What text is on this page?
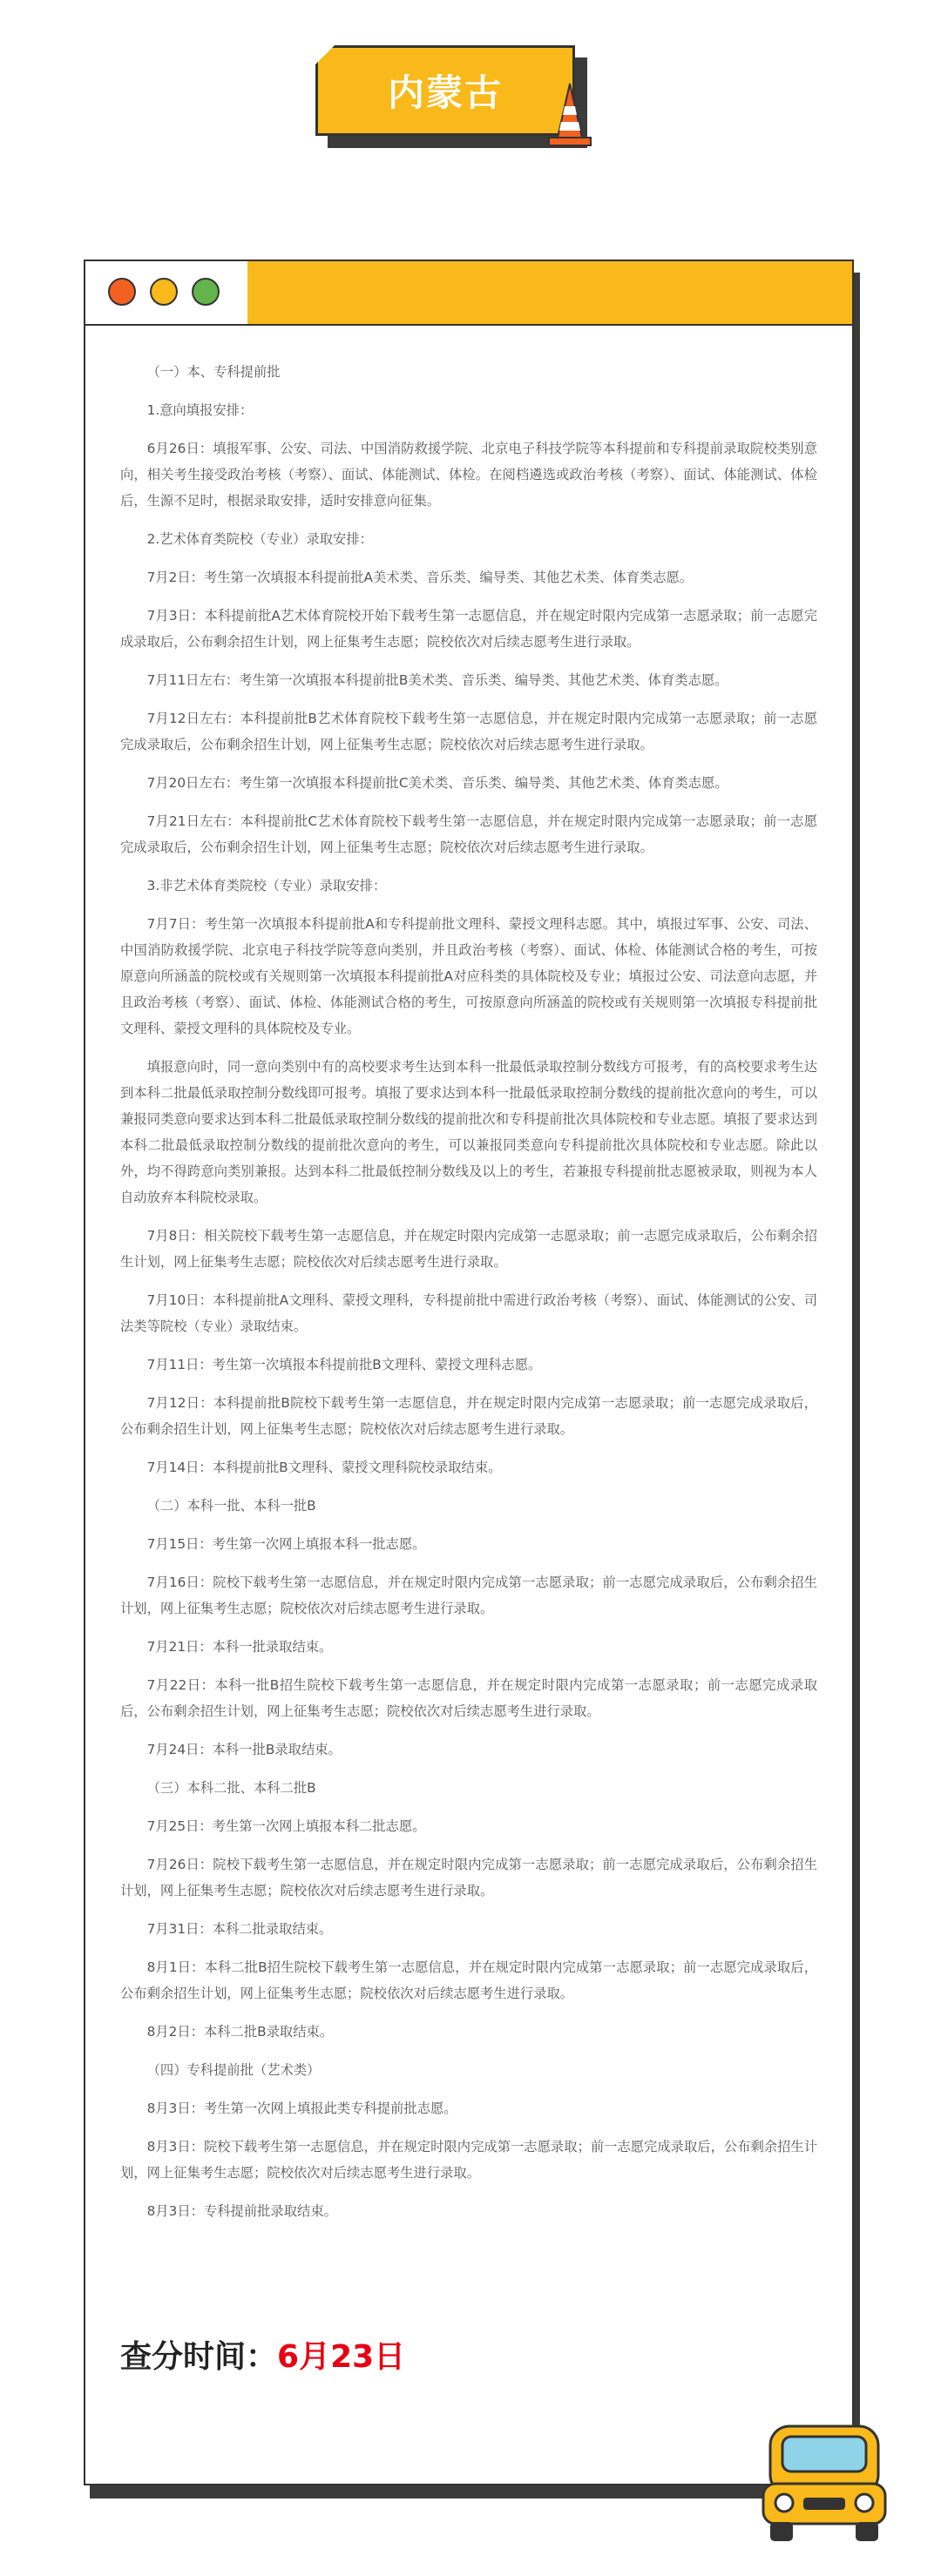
内蒙古

（一）本、专科提前批

1.意向填报安排：

6月26日：填报军事、公安、司法、中国消防救援学院、北京电子科技学院等本科提前和专科提前录取院校类别意向，相关考生接受政治考核（考察）、面试、体能测试、体检。在阅档遴选或政治考核（考察）、面试、体能测试、体检后，生源不足时，根据录取安排，适时安排意向征集。

2.艺术体育类院校（专业）录取安排：

7月2日：考生第一次填报本科提前批A美术类、音乐类、编导类、其他艺术类、体育类志愿。

7月3日：本科提前批A艺术体育院校开始下载考生第一志愿信息，并在规定时限内完成第一志愿录取；前一志愿完成录取后，公布剩余招生计划，网上征集考生志愿；院校依次对后续志愿考生进行录取。

7月11日左右：考生第一次填报本科提前批B美术类、音乐类、编导类、其他艺术类、体育类志愿。

7月12日左右：本科提前批B艺术体育院校下载考生第一志愿信息，并在规定时限内完成第一志愿录取；前一志愿完成录取后，公布剩余招生计划，网上征集考生志愿；院校依次对后续志愿考生进行录取。

7月20日左右：考生第一次填报本科提前批C美术类、音乐类、编导类、其他艺术类、体育类志愿。

7月21日左右：本科提前批C艺术体育院校下载考生第一志愿信息，并在规定时限内完成第一志愿录取；前一志愿完成录取后，公布剩余招生计划，网上征集考生志愿；院校依次对后续志愿考生进行录取。

3.非艺术体育类院校（专业）录取安排：

7月7日：考生第一次填报本科提前批A和专科提前批文理科、蒙授文理科志愿。其中，填报过军事、公安、司法、中国消防救援学院、北京电子科技学院等意向类别，并且政治考核（考察）、面试、体检、体能测试合格的考生，可按原意向所涵盖的院校或有关规则第一次填报本科提前批A对应科类的具体院校及专业；填报过公安、司法意向志愿，并且政治考核（考察）、面试、体检、体能测试合格的考生，可按原意向所涵盖的院校或有关规则第一次填报专科提前批文理科、蒙授文理科的具体院校及专业。

填报意向时，同一意向类别中有的高校要求考生达到本科一批最低录取控制分数线方可报考，有的高校要求考生达到本科二批最低录取控制分数线即可报考。填报了要求达到本科一批最低录取控制分数线的提前批次意向的考生，可以兼报同类意向要求达到本科二批最低录取控制分数线的提前批次和专科提前批次具体院校和专业志愿。填报了要求达到本科二批最低录取控制分数线的提前批次意向的考生，可以兼报同类意向专科提前批次具体院校和专业志愿。除此以外，均不得跨意向类别兼报。达到本科二批最低控制分数线及以上的考生，若兼报专科提前批志愿被录取，则视为本人自动放弃本科院校录取。

7月8日：相关院校下载考生第一志愿信息，并在规定时限内完成第一志愿录取；前一志愿完成录取后，公布剩余招生计划，网上征集考生志愿；院校依次对后续志愿考生进行录取。

7月10日：本科提前批A文理科、蒙授文理科，专科提前批中需进行政治考核（考察）、面试、体能测试的公安、司法类等院校（专业）录取结束。

7月11日：考生第一次填报本科提前批B文理科、蒙授文理科志愿。

7月12日：本科提前批B院校下载考生第一志愿信息，并在规定时限内完成第一志愿录取；前一志愿完成录取后，公布剩余招生计划，网上征集考生志愿；院校依次对后续志愿考生进行录取。

7月14日：本科提前批B文理科、蒙授文理科院校录取结束。

（二）本科一批、本科一批B

7月15日：考生第一次网上填报本科一批志愿。

7月16日：院校下载考生第一志愿信息，并在规定时限内完成第一志愿录取；前一志愿完成录取后，公布剩余招生计划，网上征集考生志愿；院校依次对后续志愿考生进行录取。

7月21日：本科一批录取结束。

7月22日：本科一批B招生院校下载考生第一志愿信息，并在规定时限内完成第一志愿录取；前一志愿完成录取后，公布剩余招生计划，网上征集考生志愿；院校依次对后续志愿考生进行录取。

7月24日：本科一批B录取结束。

（三）本科二批、本科二批B

7月25日：考生第一次网上填报本科二批志愿。

7月26日：院校下载考生第一志愿信息，并在规定时限内完成第一志愿录取；前一志愿完成录取后，公布剩余招生计划，网上征集考生志愿；院校依次对后续志愿考生进行录取。

7月31日：本科二批录取结束。

8月1日：本科二批B招生院校下载考生第一志愿信息，并在规定时限内完成第一志愿录取；前一志愿完成录取后，公布剩余招生计划，网上征集考生志愿；院校依次对后续志愿考生进行录取。

8月2日：本科二批B录取结束。

（四）专科提前批（艺术类）

8月3日：考生第一次网上填报此类专科提前批志愿。

8月3日：院校下载考生第一志愿信息，并在规定时限内完成第一志愿录取；前一志愿完成录取后，公布剩余招生计划，网上征集考生志愿；院校依次对后续志愿考生进行录取。

8月3日：专科提前批录取结束。

查分时间：6月23日
